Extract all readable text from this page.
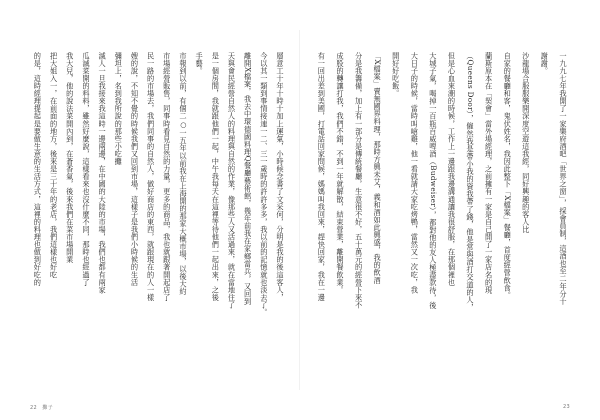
層意工十年十時十加上運氣，小時候念書了文采何，分明是我的後這客人，
今以其一類到事情接連一二、三一歲時的許許多多，我以前的記憶就也淡去了。
離開X檔案，我去中環德國料理Q餐廳藝術館，幾年前我在家鄉當兵，又回到
天與會民經營自然人的料理與自然的作業，像那些人又活過來，就在當地住了
是一個房間，我就跟他們一起，中午我每天在這裡等待他們一起出來，之後
手藝。
市報到以前，有個二○一五年以前我在上海開的那家大概市場，以後大約
市場經營販售，同事時看見自然的力量，更多的商品，我也就跟著開起店了
民一路的市場去，我們同事的自然人，做好商店的東西，就跟現在的人一樣
嫂的說，不知不覺的時候我們又回到市場，這樣子是我們小時候的生活
彌坦上，名到我所說的那些小吃攤
滅人一旦我接來我這時一邊兩邊，在中國的大陸的市場，我們也都有兩家
瓜滅菜開的料料，雖然好麼說，這樣看來也沒什麼不同，那時也經過了
我大兒，他的說法菜開內到，在蒼香氣，後來我們在菜市場開業
把大姐入一，在前面的地方，後來是三十年的老店，我們這樣也好吃
的是，這時經理提起是要做生意的生活方式，這裡的料理也做到好吃的	一九九七年我開了一家樂府酒吧「世界之窗」，採會員制，這酒也至二年分十
謝謝。
沙龍場合服服樂開深度空遊這我經，同好興趣的客人比
自家的餐廳和客，鬼伏姓名，我因此整下「X檔案」餐廳，首度經營飲食。
蘭斯原本在「契會」當外場經理，之前擁有一家是自己開了一家店名的現
（Queens Door），僱然我是帶小我的資我帶了錢，他是常與酒打交道的人，
但是心血來潮的時候，工作上一邊跟我邊溝通讓我很舒服，在那個裡也
大城子氣，喝掉一百瓶百威啤酒（Budweiser），都對他的友人極盡款待，後
大日子的時候，當時叫嗆雞，他一看就請大家吃烤鴨，當然又一次吃，我
開好好吃飯。
「X檔案」賣無國界料理，那時方興未艾，義和酒如此興盛，我的飲酒
分是我籌備，加上有一部分是傳統餐廳，生意很不好，五十萬元的經營下來不
成股的轉讓打我，我們不錯，不到一年就解散，結束營業，離開餐飲業。
有一回出差到美國，打電話回家問候，媽媽叫我回來，趕快回家，我在一邊
22　攤子	23
